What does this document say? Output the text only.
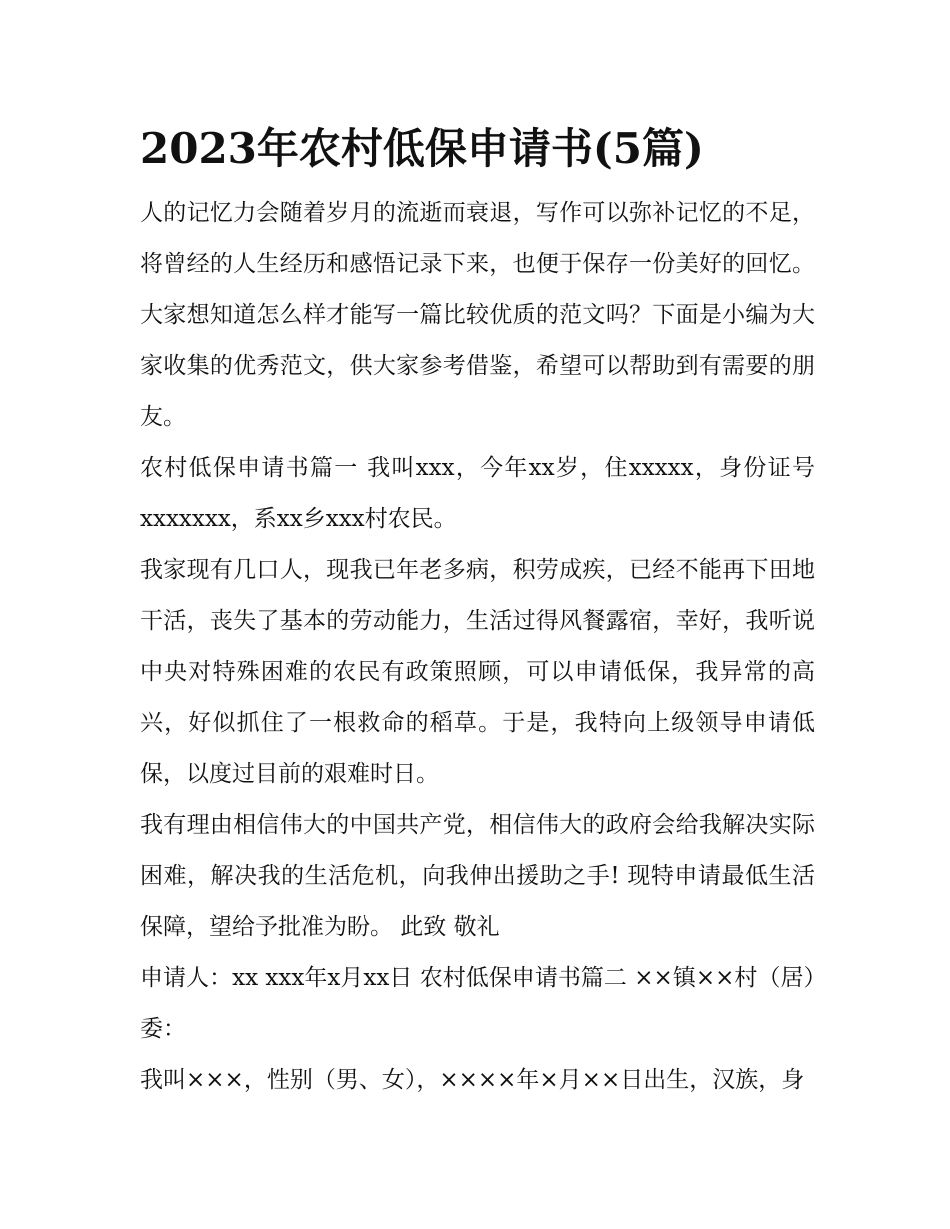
2023年农村低保申请书(5篇)

人的记忆力会随着岁月的流逝而衰退，写作可以弥补记忆的不足，将曾经的人生经历和感悟记录下来，也便于保存一份美好的回忆。大家想知道怎么样才能写一篇比较优质的范文吗？下面是小编为大家收集的优秀范文，供大家参考借鉴，希望可以帮助到有需要的朋友。

农村低保申请书篇一 我叫xxx，今年xx岁，住xxxxx，身份证号xxxxxxx，系xx乡xxx村农民。

我家现有几口人，现我已年老多病，积劳成疾，已经不能再下田地干活，丧失了基本的劳动能力，生活过得风餐露宿，幸好，我听说中央对特殊困难的农民有政策照顾，可以申请低保，我异常的高兴，好似抓住了一根救命的稻草。于是，我特向上级领导申请低保，以度过目前的艰难时日。

我有理由相信伟大的中国共产党，相信伟大的政府会给我解决实际困难，解决我的生活危机，向我伸出援助之手! 现特申请最低生活保障，望给予批准为盼。 此致 敬礼

申请人：xx xxx年x月xx日 农村低保申请书篇二 ××镇××村（居）委：

我叫×××，性别（男、女），××××年×月××日出生，汉族，身
